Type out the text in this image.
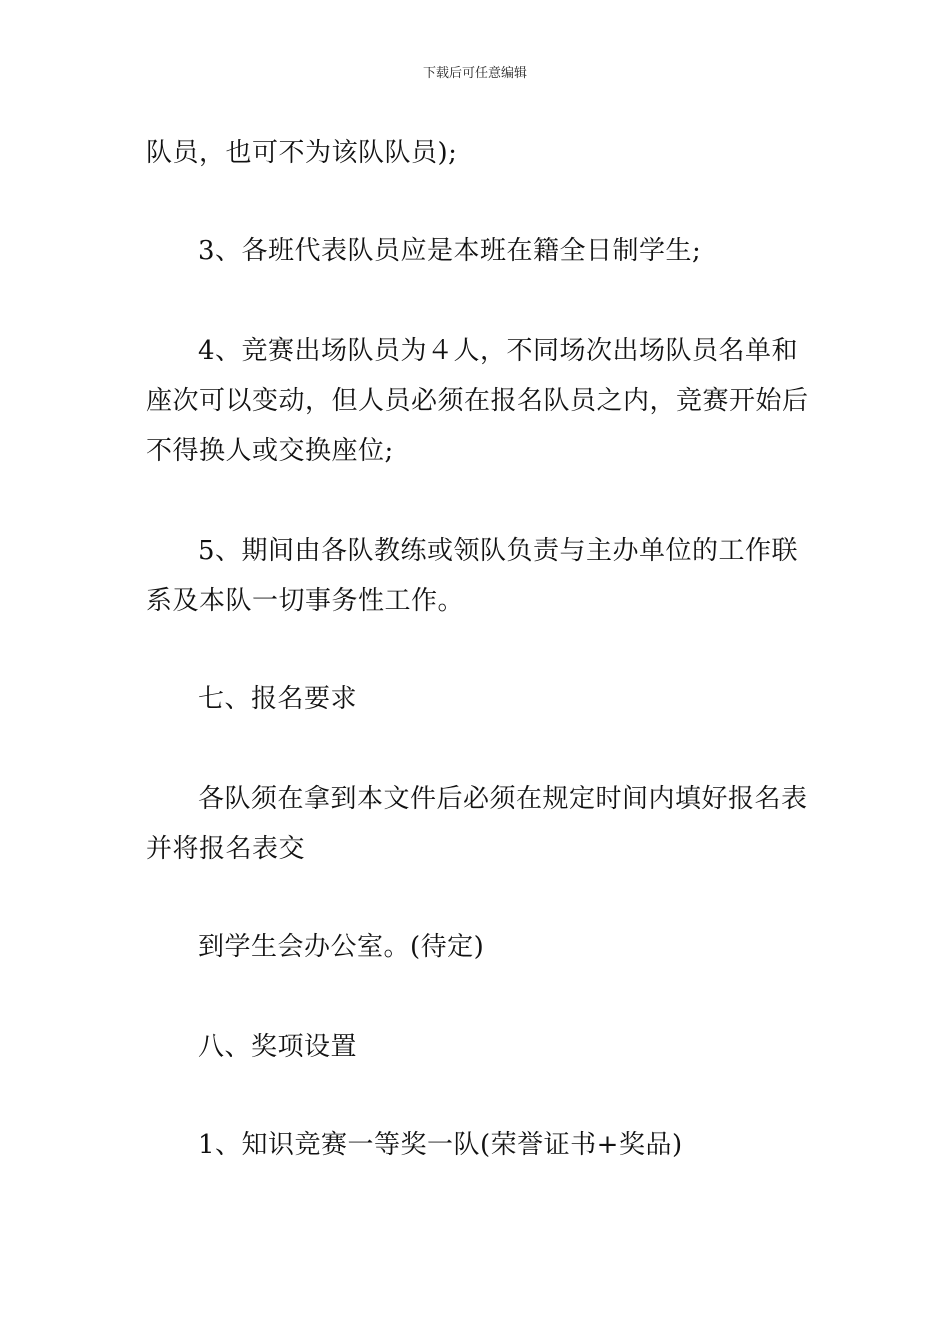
下载后可任意编辑

队员，也可不为该队队员);

3、各班代表队员应是本班在籍全日制学生;

4、竞赛出场队员为４人，不同场次出场队员名单和座次可以变动，但人员必须在报名队员之内，竞赛开始后不得换人或交换座位;

5、期间由各队教练或领队负责与主办单位的工作联系及本队一切事务性工作。

七、报名要求

各队须在拿到本文件后必须在规定时间内填好报名表并将报名表交

到学生会办公室。(待定)

八、奖项设置

1、知识竞赛一等奖一队(荣誉证书+奖品)
